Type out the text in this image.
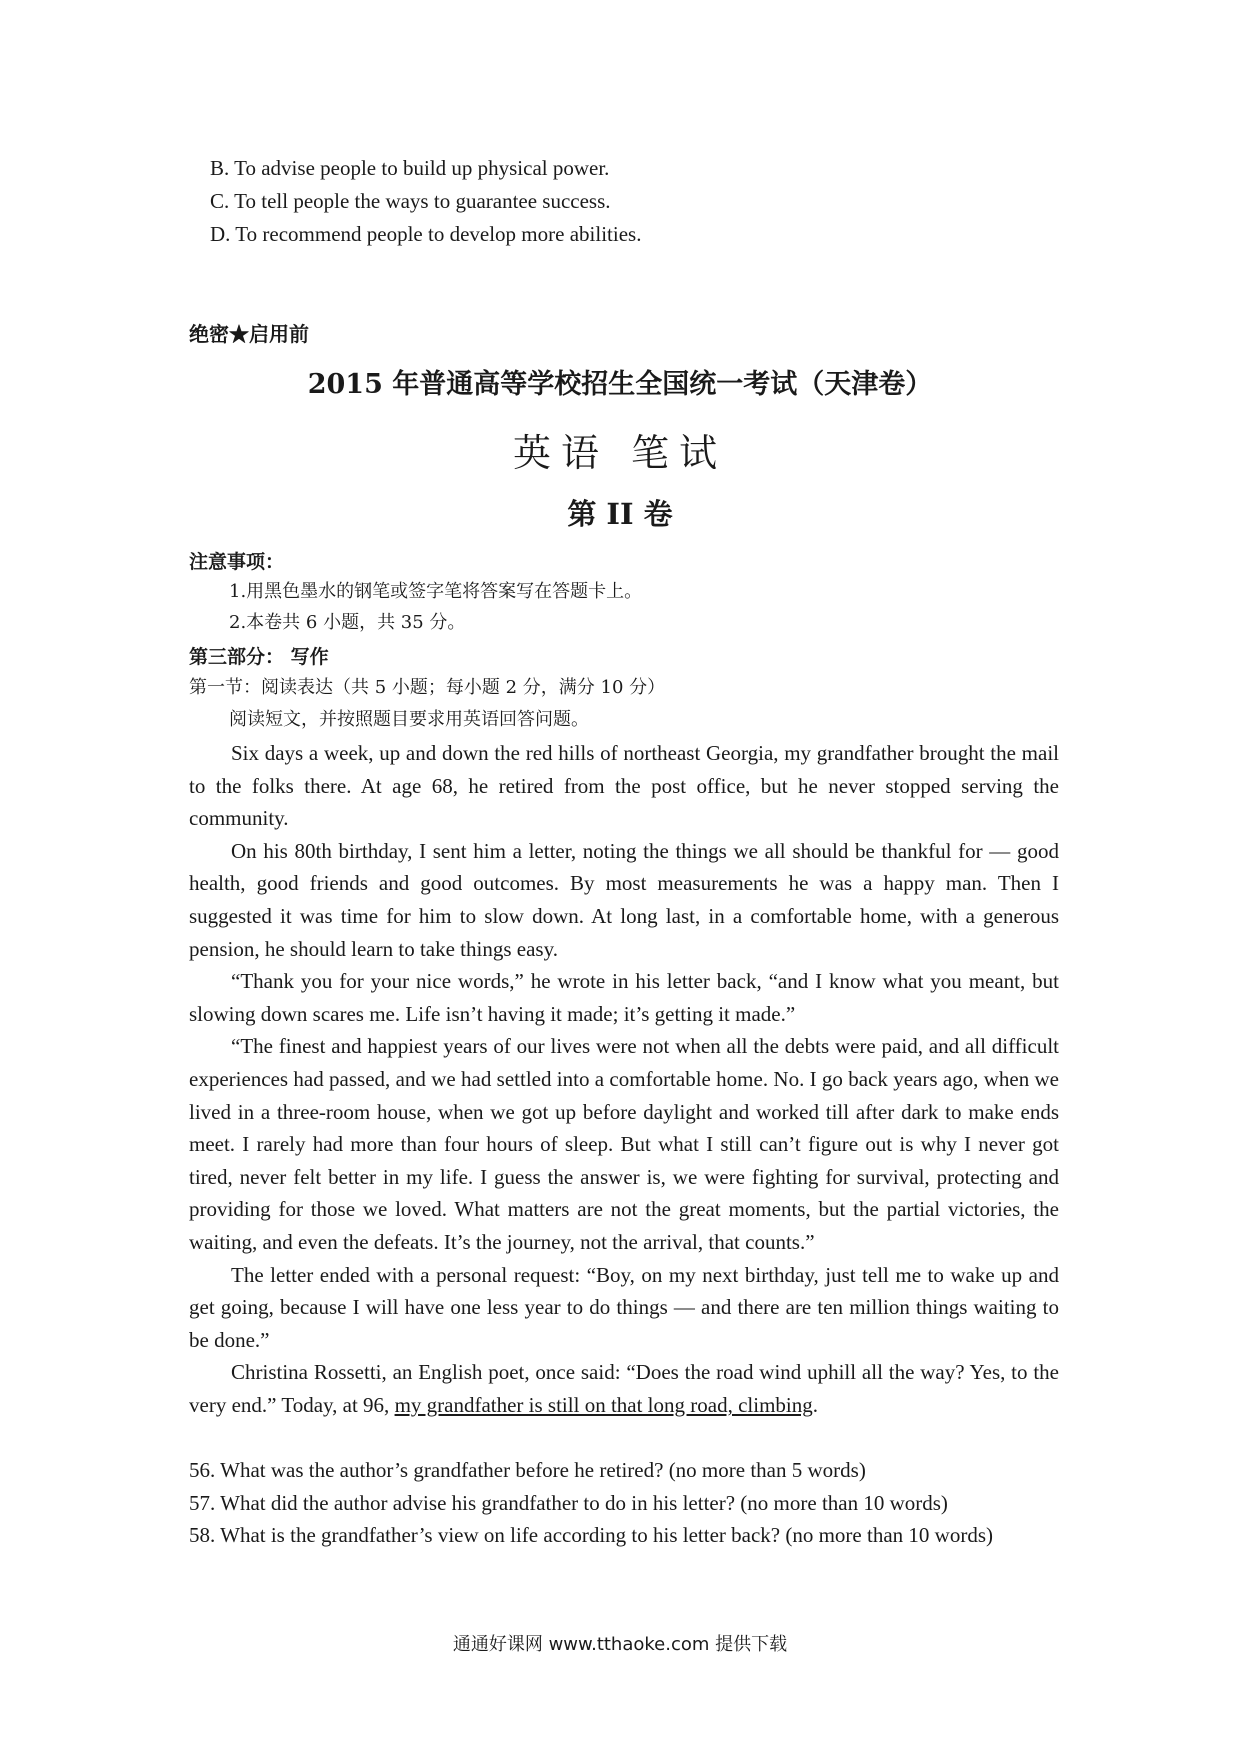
B. To advise people to build up physical power.
C. To tell people the ways to guarantee success.
D. To recommend people to develop more abilities.
绝密★启用前
2015 年普通高等学校招生全国统一考试（天津卷）
英语 笔试
第 II 卷
注意事项：
1.用黑色墨水的钢笔或签字笔将答案写在答题卡上。
2.本卷共 6 小题，共 35 分。
第三部分： 写作
第一节：阅读表达（共 5 小题；每小题 2 分，满分 10 分）
阅读短文，并按照题目要求用英语回答问题。

Six days a week, up and down the red hills of northeast Georgia, my grandfather brought the mail to the folks there. At age 68, he retired from the post office, but he never stopped serving the community.

On his 80th birthday, I sent him a letter, noting the things we all should be thankful for — good health, good friends and good outcomes. By most measurements he was a happy man. Then I suggested it was time for him to slow down. At long last, in a comfortable home, with a generous pension, he should learn to take things easy.

“Thank you for your nice words,” he wrote in his letter back, “and I know what you meant, but slowing down scares me. Life isn’t having it made; it’s getting it made.”

“The finest and happiest years of our lives were not when all the debts were paid, and all difficult experiences had passed, and we had settled into a comfortable home. No. I go back years ago, when we lived in a three-room house, when we got up before daylight and worked till after dark to make ends meet. I rarely had more than four hours of sleep. But what I still can’t figure out is why I never got tired, never felt better in my life. I guess the answer is, we were fighting for survival, protecting and providing for those we loved. What matters are not the great moments, but the partial victories, the waiting, and even the defeats. It’s the journey, not the arrival, that counts.”

The letter ended with a personal request: “Boy, on my next birthday, just tell me to wake up and get going, because I will have one less year to do things — and there are ten million things waiting to be done.”

Christina Rossetti, an English poet, once said: “Does the road wind uphill all the way? Yes, to the very end.” Today, at 96, my grandfather is still on that long road, climbing.

56. What was the author’s grandfather before he retired? (no more than 5 words)
57. What did the author advise his grandfather to do in his letter? (no more than 10 words)
58. What is the grandfather’s view on life according to his letter back? (no more than 10 words)
通通好课网 www.tthaoke.com 提供下载
